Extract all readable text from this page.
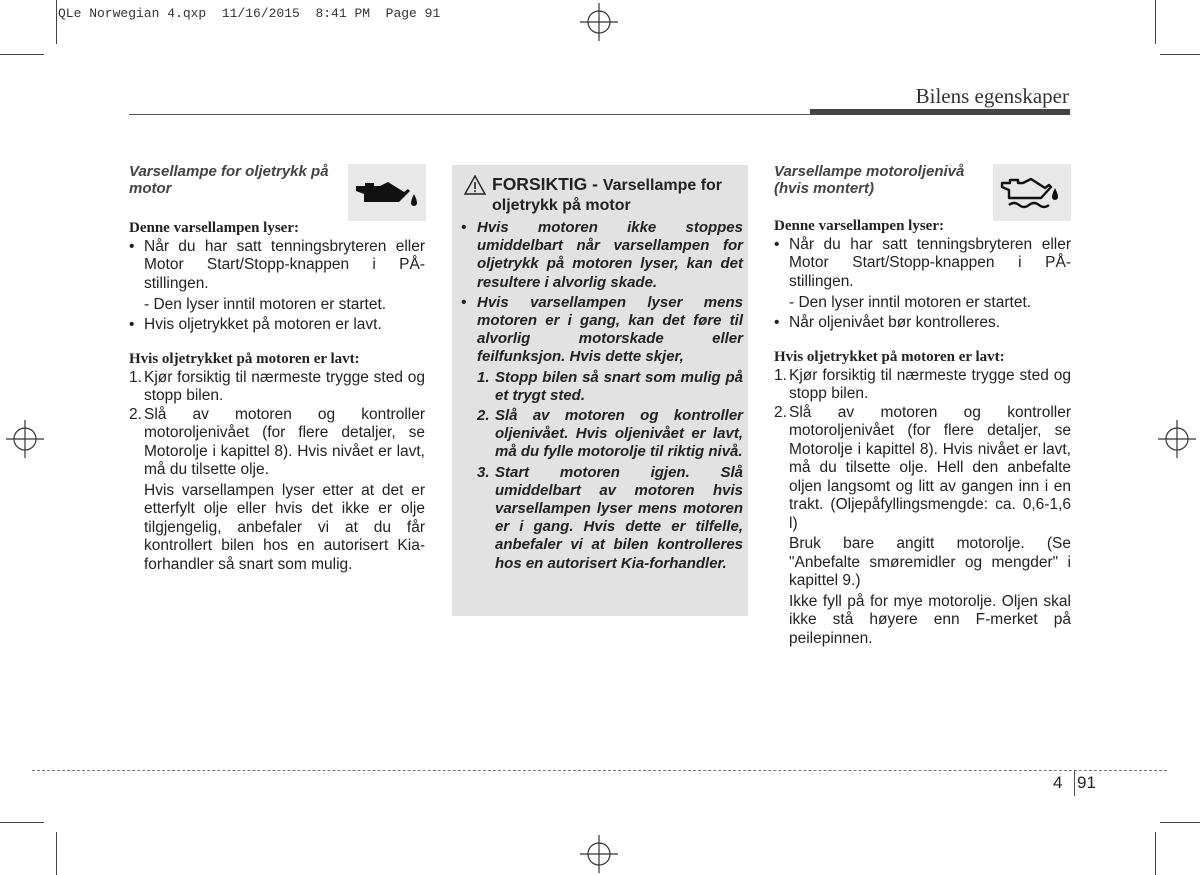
QLe Norwegian 4.qxp  11/16/2015  8:41 PM  Page 91
Bilens egenskaper
Varsellampe for oljetrykk på motor

Denne varsellampen lyser:

• Når du har satt tenningsbryteren eller Motor Start/Stopp-knappen i PÅ-stillingen.

- Den lyser inntil motoren er startet.

• Hvis oljetrykket på motoren er lavt.

Hvis oljetrykket på motoren er lavt:

1. Kjør forsiktig til nærmeste trygge sted og stopp bilen.
2. Slå av motoren og kontroller motoroljenivået (for flere detaljer, se Motorolje i kapittel 8). Hvis nivået er lavt, må du tilsette olje.

Hvis varsellampen lyser etter at det er etterfylt olje eller hvis det ikke er olje tilgjengelig, anbefaler vi at du får kontrollert bilen hos en autorisert Kia-forhandler så snart som mulig.

FORSIKTIG - Varsellampe for oljetrykk på motor
• Hvis motoren ikke stoppes umiddelbart når varsellampen for oljetrykk på motoren lyser, kan det resultere i alvorlig skade.
• Hvis varsellampen lyser mens motoren er i gang, kan det føre til alvorlig motorskade eller feilfunksjon. Hvis dette skjer,
1. Stopp bilen så snart som mulig på et trygt sted.
2. Slå av motoren og kontroller oljenivået. Hvis oljenivået er lavt, må du fylle motorolje til riktig nivå.
3. Start motoren igjen. Slå umiddelbart av motoren hvis varsellampen lyser mens motoren er i gang. Hvis dette er tilfelle, anbefaler vi at bilen kontrolleres hos en autorisert Kia-forhandler.
Varsellampe motoroljenivå (hvis montert)

Denne varsellampen lyser:

• Når du har satt tenningsbryteren eller Motor Start/Stopp-knappen i PÅ-stillingen.

- Den lyser inntil motoren er startet.

• Når oljenivået bør kontrolleres.

Hvis oljetrykket på motoren er lavt:

1. Kjør forsiktig til nærmeste trygge sted og stopp bilen.
2. Slå av motoren og kontroller motoroljenivået (for flere detaljer, se Motorolje i kapittel 8). Hvis nivået er lavt, må du tilsette olje. Hell den anbefalte oljen langsomt og litt av gangen inn i en trakt. (Oljepåfyllingsmengde: ca. 0,6-1,6 l)

Bruk bare angitt motorolje. (Se "Anbefalte smøremidler og mengder" i kapittel 9.)

Ikke fyll på for mye motorolje. Oljen skal ikke stå høyere enn F-merket på peilepinnen.

4 91
